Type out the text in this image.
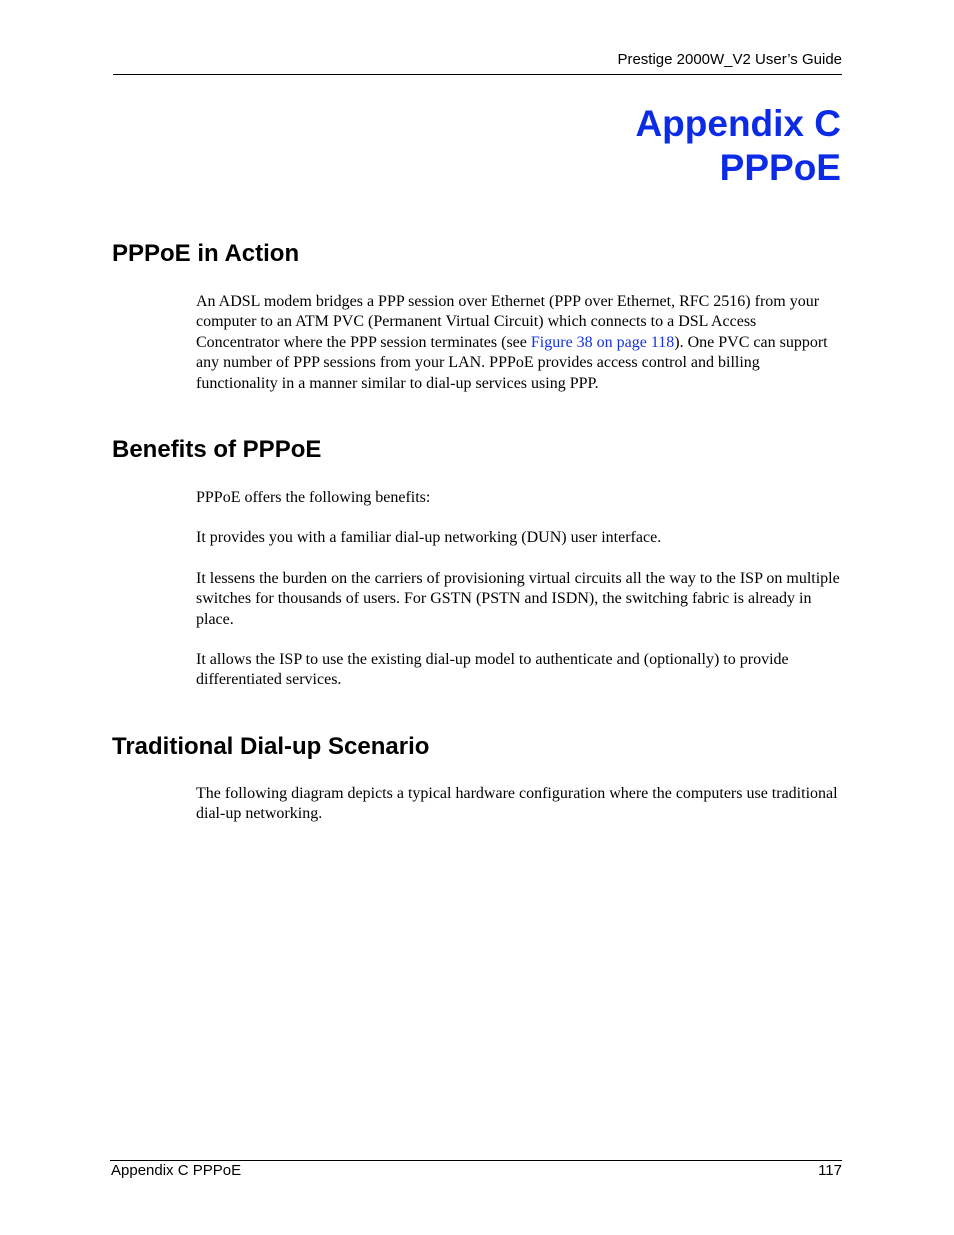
Prestige 2000W_V2 User’s Guide
Appendix C
PPPoE
PPPoE in Action

An ADSL modem bridges a PPP session over Ethernet (PPP over Ethernet, RFC 2516) from your computer to an ATM PVC (Permanent Virtual Circuit) which connects to a DSL Access Concentrator where the PPP session terminates (see Figure 38 on page 118). One PVC can support any number of PPP sessions from your LAN. PPPoE provides access control and billing functionality in a manner similar to dial-up services using PPP.

Benefits of PPPoE

PPPoE offers the following benefits:

It provides you with a familiar dial-up networking (DUN) user interface.

It lessens the burden on the carriers of provisioning virtual circuits all the way to the ISP on multiple switches for thousands of users. For GSTN (PSTN and ISDN), the switching fabric is already in place.

It allows the ISP to use the existing dial-up model to authenticate and (optionally) to provide differentiated services.

Traditional Dial-up Scenario

The following diagram depicts a typical hardware configuration where the computers use traditional dial-up networking.

Appendix C PPPoE	117
